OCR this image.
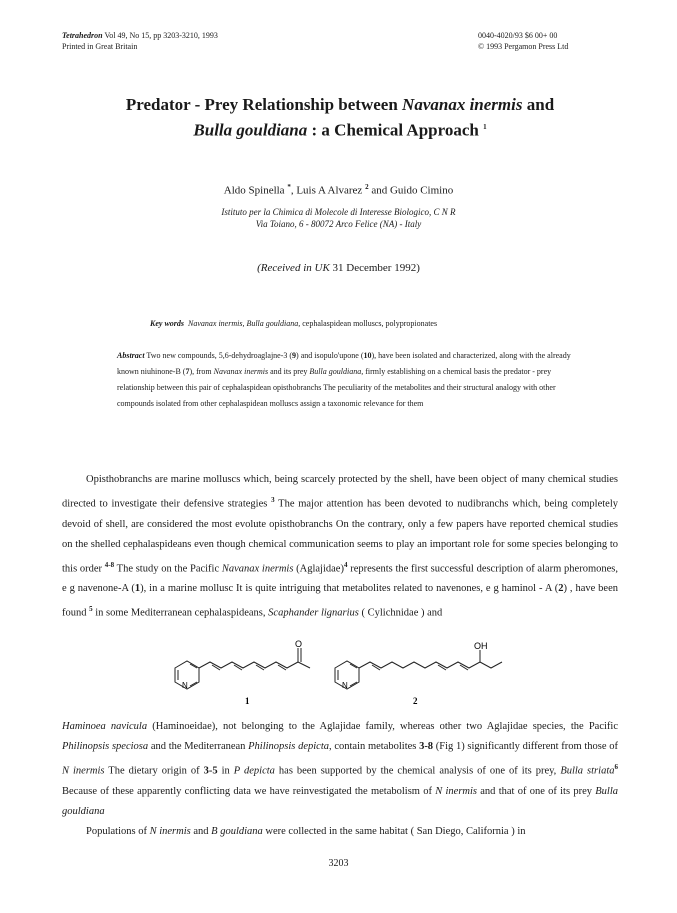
Tetrahedron Vol 49, No 15, pp 3203-3210, 1993
Printed in Great Britain
0040-4020/93 $6 00+ 00
© 1993 Pergamon Press Ltd
Predator - Prey Relationship between Navanax inermis and
Bulla gouldiana : a Chemical Approach $^1$
Aldo Spinella *, Luis A Alvarez $^2$ and Guido Cimino
Istituto per la Chimica di Molecole di Interesse Biologico, C N R
Via Toiano, 6 - 80072 Arco Felice (NA) - Italy
(Received in UK 31 December 1992)
Key words Navanax inermis, Bulla gouldiana, cephalaspidean molluscs, polypropionates
Abstract Two new compounds, 5,6-dehydroaglajne-3 (9) and isopulo'upone (10), have been isolated and characterized, along with the already known niuhinone-B (7), from Navanax inermis and its prey Bulla gouldiana, firmly establishing on a chemical basis the predator - prey relationship between this pair of cephalaspidean opisthobranchs The peculiarity of the metabolites and their structural analogy with other compounds isolated from other cephalaspidean molluscs assign a taxonomic relevance for them

Opisthobranchs are marine molluscs which, being scarcely protected by the shell, have been object of many chemical studies directed to investigate their defensive strategies $^3$ The major attention has been devoted to nudibranchs which, being completely devoid of shell, are considered the most evolute opisthobranchs On the contrary, only a few papers have reported chemical studies on the shelled cephalaspideans even though chemical communication seems to play an important role for some species belonging to this order $^{4-8}$ The study on the Pacific Navanax inermis (Aglajidae)$^4$ represents the first successful description of alarm pheromones, e g navenone-A (1), in a marine mollusc It is quite intriguing that metabolites related to navenones, e g haminol - A (2) , have been found $^5$ in some Mediterranean cephalaspideans, Scaphander lignarius ( Cylichnidae ) and

O
N
1
OH
N
2

Haminoea navicula (Haminoeidae), not belonging to the Aglajidae family, whereas other two Aglajidae species, the Pacific Philinopsis speciosa and the Mediterranean Philinopsis depicta, contain metabolites 3-8 (Fig 1) significantly different from those of N inermis The dietary origin of 3-5 in P depicta has been supported by the chemical analysis of one of its prey, Bulla striata$^6$ Because of these apparently conflicting data we have reinvestigated the metabolism of N inermis and that of one of its prey Bulla gouldiana

Populations of N inermis and B gouldiana were collected in the same habitat ( San Diego, California ) in

3203
